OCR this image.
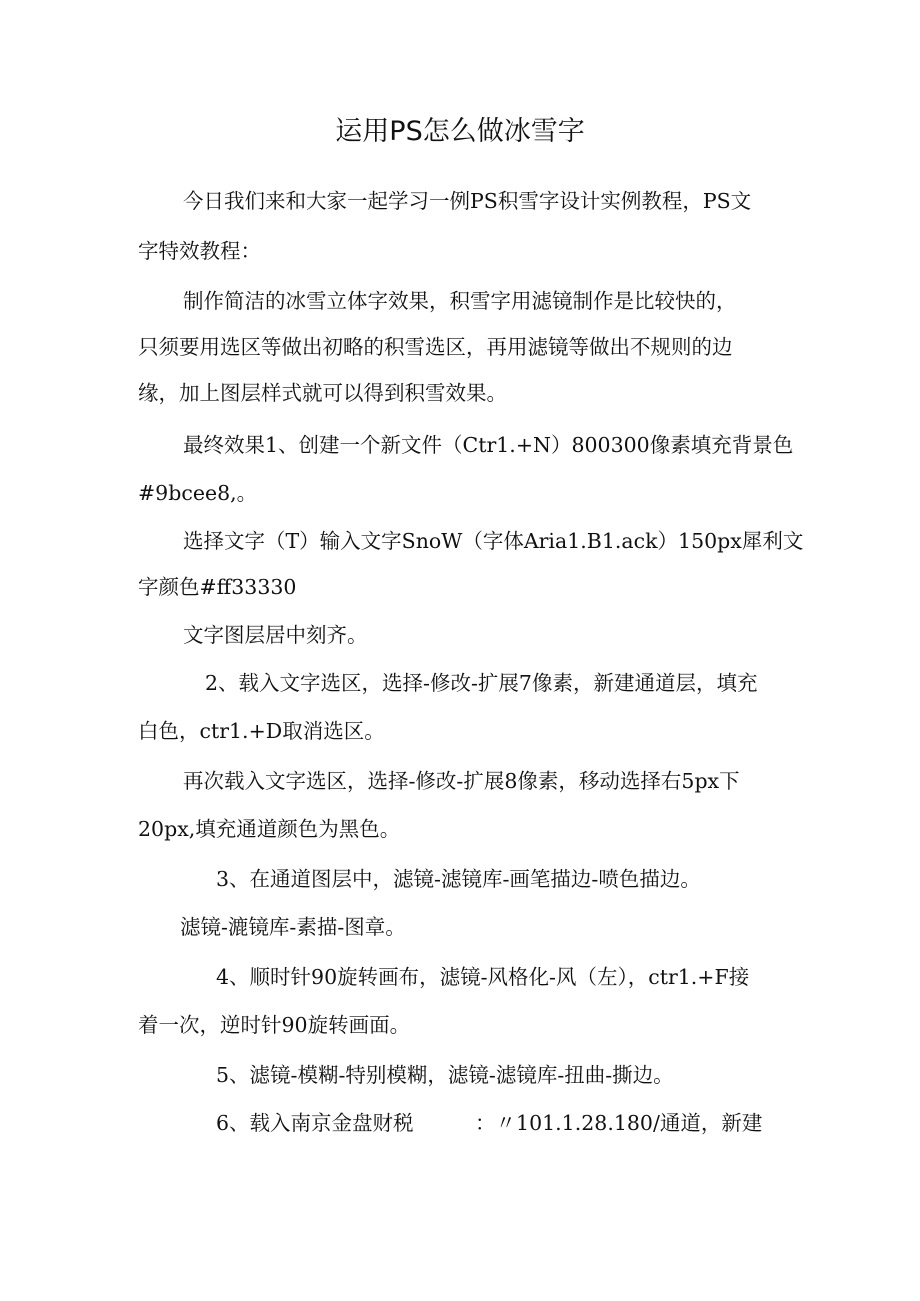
运用PS怎么做冰雪字

今日我们来和大家一起学习一例PS积雪字设计实例教程，PS文

字特效教程：

制作简洁的冰雪立体字效果，积雪字用滤镜制作是比较快的，

只须要用选区等做出初略的积雪选区，再用滤镜等做出不规则的边

缘，加上图层样式就可以得到积雪效果。

最终效果1、创建一个新文件（Ctr1.+N）800300像素填充背景色

#9bcee8,。

选择文字（T）输入文字SnoW（字体Aria1.B1.ack）150px犀利文

字颜色#ff33330

文字图层居中刻齐。

2、载入文字选区，选择-修改-扩展7像素，新建通道层，填充

白色，ctr1.+D取消选区。

再次载入文字选区，选择-修改-扩展8像素，移动选择右5px下

20px,填充通道颜色为黑色。

3、在通道图层中，滤镜-滤镜库-画笔描边-喷色描边。

滤镜-漉镜库-素描-图章。

4、顺时针90旋转画布，滤镜-风格化-风（左），ctr1.+F接

着一次，逆时针90旋转画面。

5、滤镜-模糊-特别模糊，滤镜-滤镜库-扭曲-撕边。

6、载入南京金盘财税　　　：〃101.1.28.180/通道，新建
